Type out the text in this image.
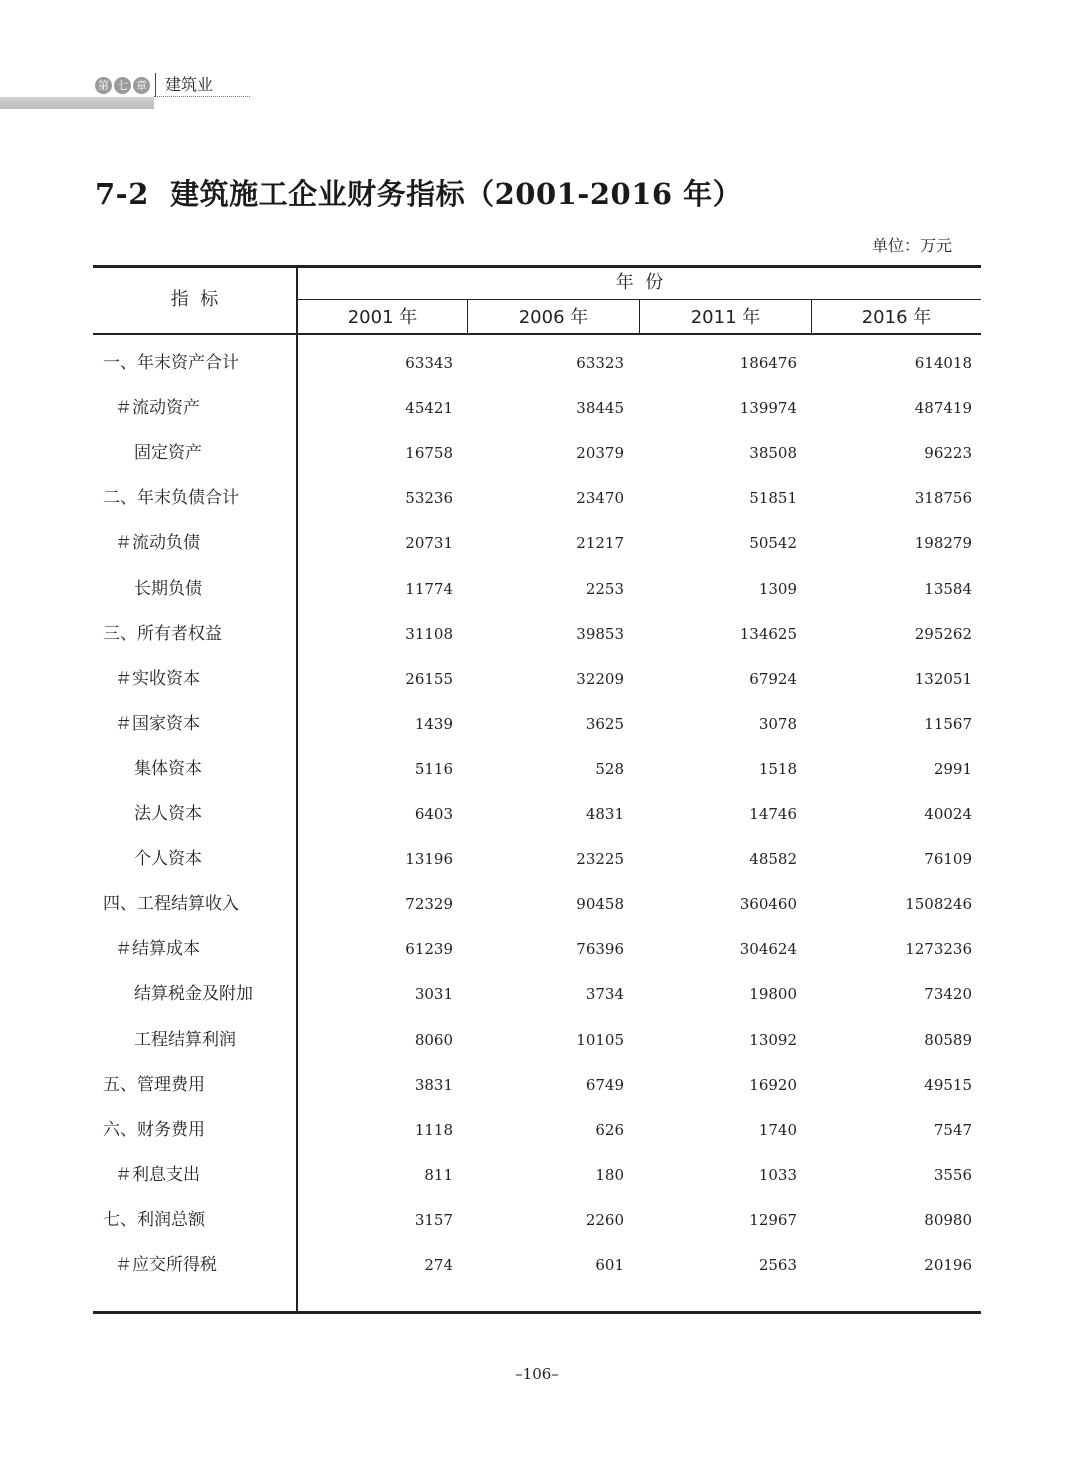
第 七 章 建筑业
7-2  建筑施工企业财务指标（2001-2016 年）
单位：万元
指  标
年  份
2001 年	2006 年	2011 年	2016 年
一、年末资产合计	63343	63323	186476	614018
＃流动资产	45421	38445	139974	487419
固定资产	16758	20379	38508	96223
二、年末负债合计	53236	23470	51851	318756
＃流动负债	20731	21217	50542	198279
长期负债	11774	2253	1309	13584
三、所有者权益	31108	39853	134625	295262
＃实收资本	26155	32209	67924	132051
＃国家资本	1439	3625	3078	11567
集体资本	5116	528	1518	2991
法人资本	6403	4831	14746	40024
个人资本	13196	23225	48582	76109
四、工程结算收入	72329	90458	360460	1508246
＃结算成本	61239	76396	304624	1273236
结算税金及附加	3031	3734	19800	73420
工程结算利润	8060	10105	13092	80589
五、管理费用	3831	6749	16920	49515
六、财务费用	1118	626	1740	7547
＃利息支出	811	180	1033	3556
七、利润总额	3157	2260	12967	80980
＃应交所得税	274	601	2563	20196
–106–
